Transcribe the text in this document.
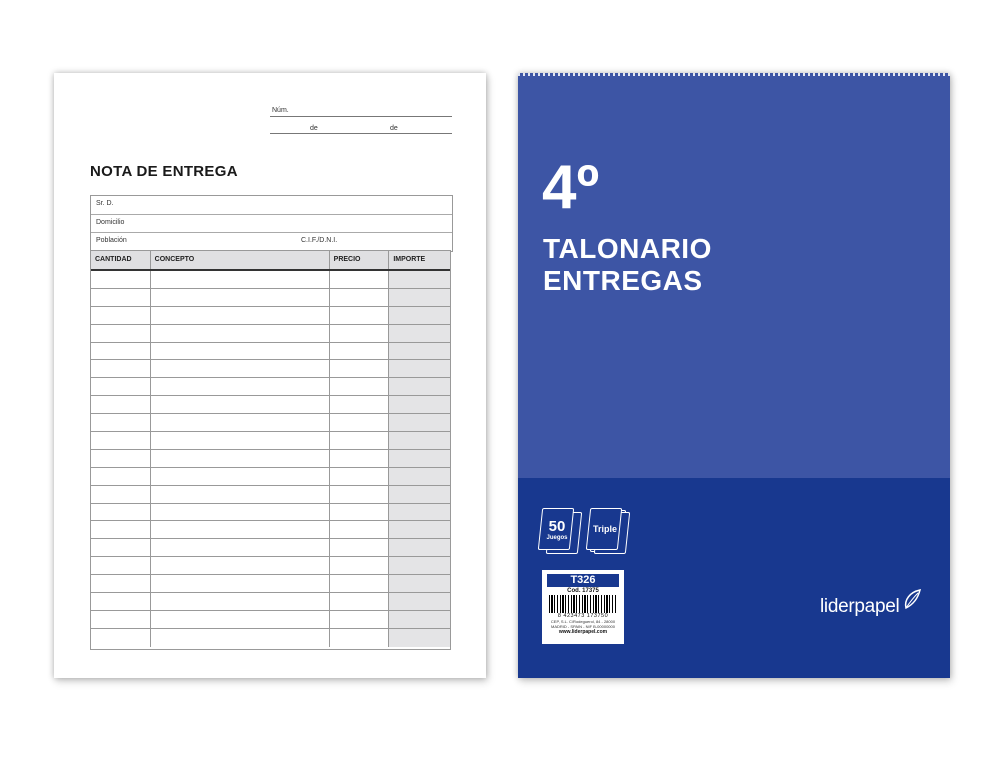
Núm.
de	de
NOTA DE ENTREGA
Sr. D.
Domicilio
Población	C.I.F./D.N.I.
CANTIDAD	CONCEPTO	PRECIO	IMPORTE
4º
TALONARIO
ENTREGAS
50
Juegos
Triple
T326
Cod. 17375
8 423473 173750
CEP, S.L. C/Rodeguerol, 84 - 28000
MADRID - SPAIN - NIF B-00000000
www.liderpapel.com
liderpapel
